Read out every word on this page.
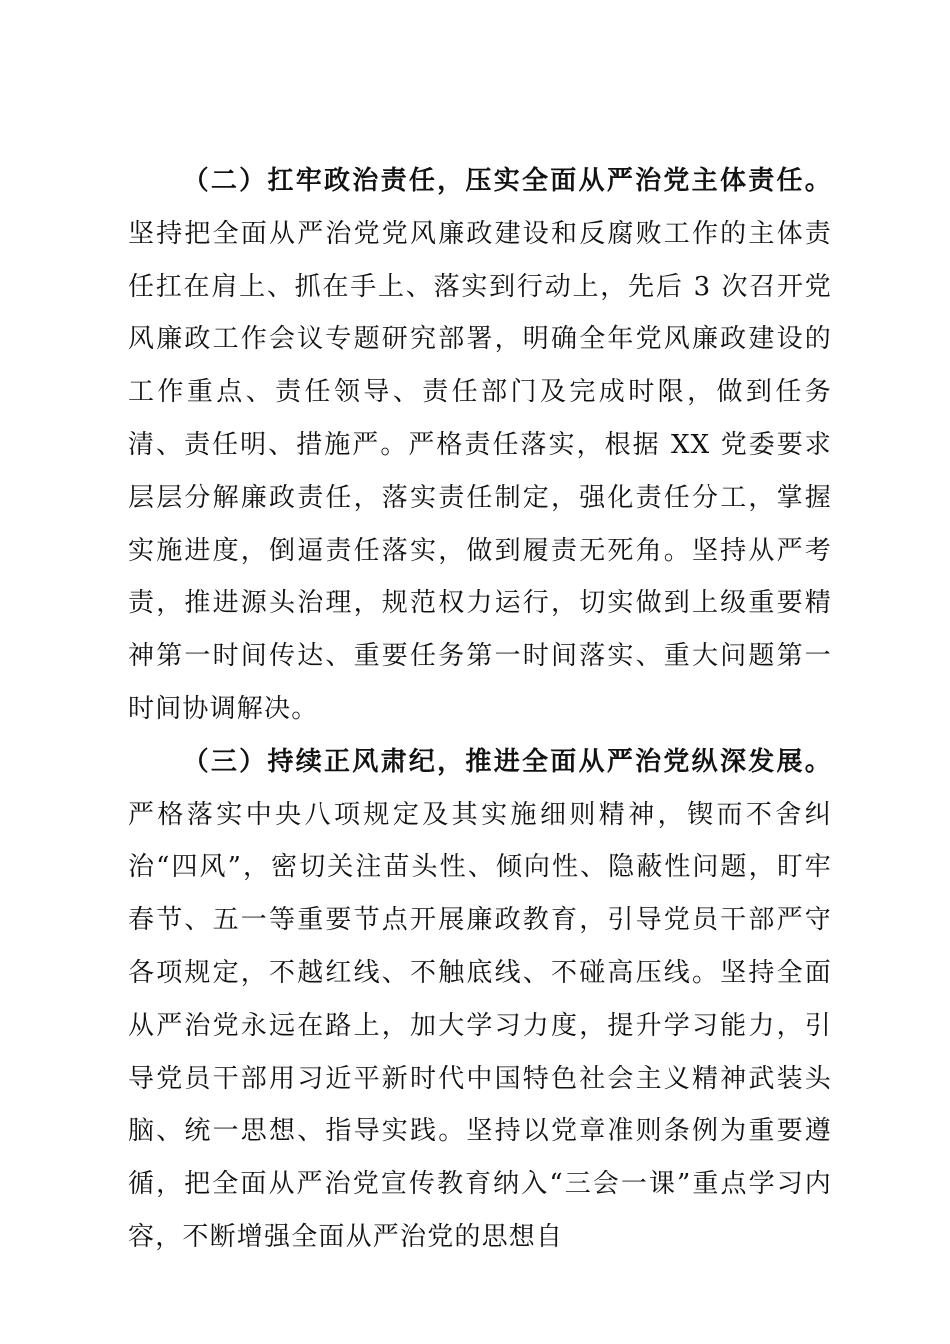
（二）扛牢政治责任，压实全面从严治党主体责任。坚持把全面从严治党党风廉政建设和反腐败工作的主体责任扛在肩上、抓在手上、落实到行动上，先后 3 次召开党风廉政工作会议专题研究部署，明确全年党风廉政建设的工作重点、责任领导、责任部门及完成时限，做到任务清、责任明、措施严。严格责任落实，根据 XX 党委要求层层分解廉政责任，落实责任制定，强化责任分工，掌握实施进度，倒逼责任落实，做到履责无死角。坚持从严考责，推进源头治理，规范权力运行，切实做到上级重要精神第一时间传达、重要任务第一时间落实、重大问题第一时间协调解决。

（三）持续正风肃纪，推进全面从严治党纵深发展。严格落实中央八项规定及其实施细则精神，锲而不舍纠治“四风”，密切关注苗头性、倾向性、隐蔽性问题，盯牢春节、五一等重要节点开展廉政教育，引导党员干部严守各项规定，不越红线、不触底线、不碰高压线。坚持全面从严治党永远在路上，加大学习力度，提升学习能力，引导党员干部用习近平新时代中国特色社会主义精神武装头脑、统一思想、指导实践。坚持以党章准则条例为重要遵循，把全面从严治党宣传教育纳入“三会一课”重点学习内容，不断增强全面从严治党的思想自
